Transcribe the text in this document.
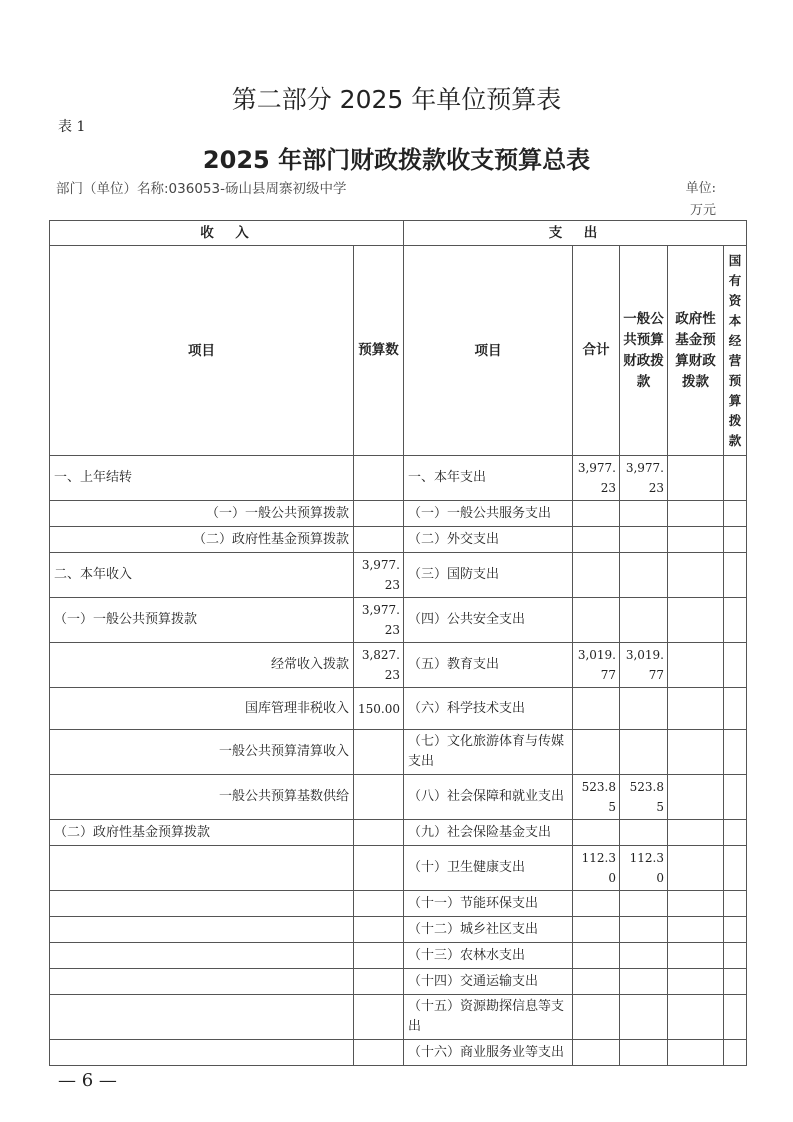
第二部分 2025 年单位预算表
表 1
2025 年部门财政拨款收支预算总表
部门（单位）名称:036053-砀山县周寨初级中学	单位:万元
收　入		支　出				
项目	预算数	项目	合计	一般公共预算财政拨款	政府性基金预算财政拨款	国有资本经营预算拨款
一、上年结转		一、本年支出	3,977.23	3,977.23		
（一）一般公共预算拨款		（一）一般公共服务支出				
（二）政府性基金预算拨款		（二）外交支出				
二、本年收入	3,977.23	（三）国防支出				
（一）一般公共预算拨款	3,977.23	（四）公共安全支出				
经常收入拨款	3,827.23	（五）教育支出	3,019.77	3,019.77		
国库管理非税收入	150.00	（六）科学技术支出				
一般公共预算清算收入		（七）文化旅游体育与传媒支出				
一般公共预算基数供给		（八）社会保障和就业支出	523.85	523.85		
（二）政府性基金预算拨款		（九）社会保险基金支出				
		（十）卫生健康支出	112.30	112.30		
		（十一）节能环保支出				
		（十二）城乡社区支出				
		（十三）农林水支出				
		（十四）交通运输支出				
		（十五）资源勘探信息等支出				
		（十六）商业服务业等支出				
— 6 —
